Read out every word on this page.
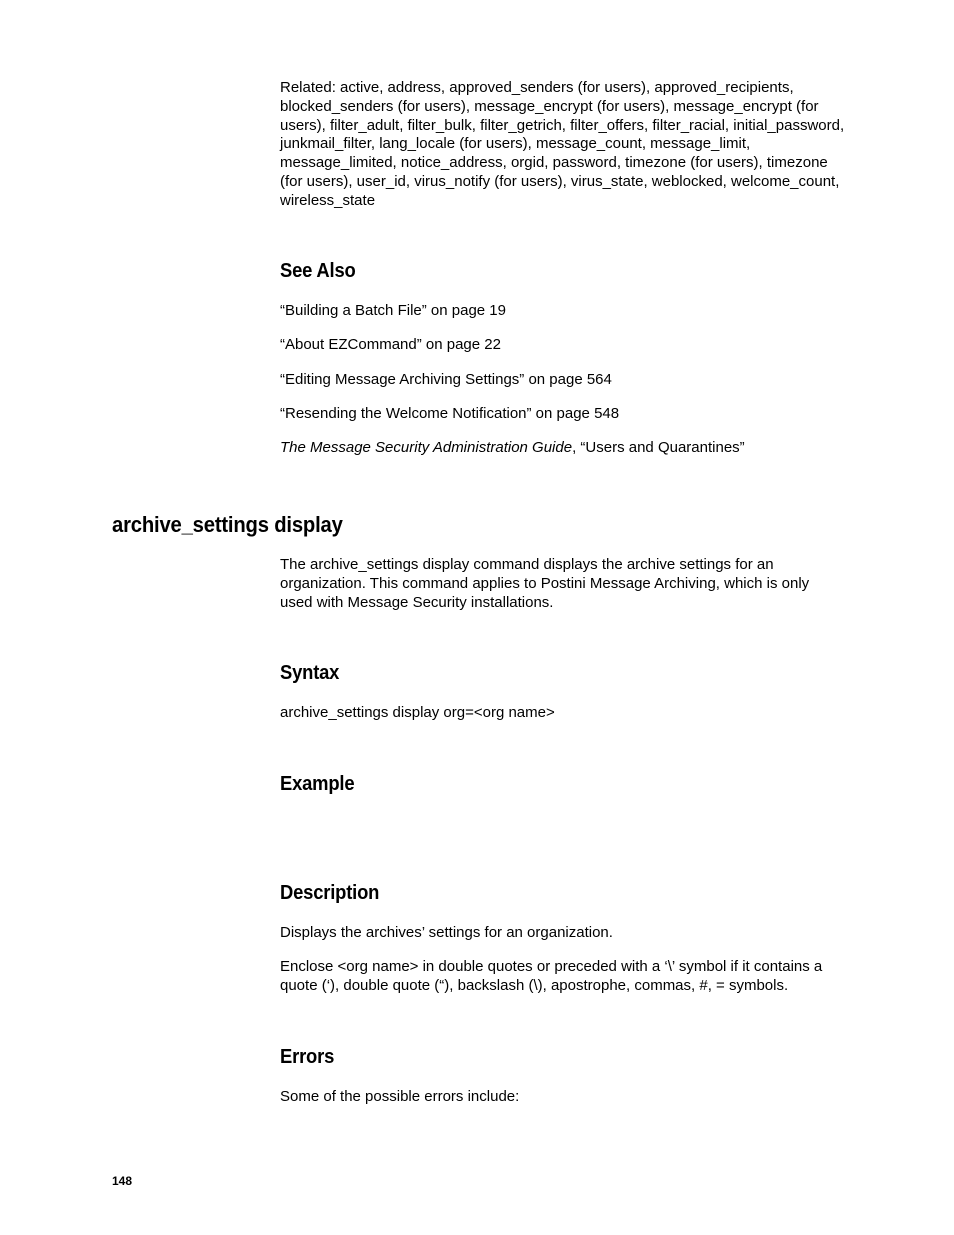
Related: active, address, approved_senders (for users), approved_recipients, blocked_senders (for users), message_encrypt (for users), message_encrypt (for users), filter_adult, filter_bulk, filter_getrich, filter_offers, filter_racial, initial_password, junkmail_filter, lang_locale (for users), message_count, message_limit, message_limited, notice_address, orgid, password, timezone (for users), timezone (for users), user_id, virus_notify (for users), virus_state, weblocked, welcome_count, wireless_state

See Also

“Building a Batch File” on page 19

“About EZCommand” on page 22

“Editing Message Archiving Settings” on page 564

“Resending the Welcome Notification” on page 548

The Message Security Administration Guide, “Users and Quarantines”

archive_settings display

The archive_settings display command displays the archive settings for an organization. This command applies to Postini Message Archiving, which is only used with Message Security installations.

Syntax

archive_settings display org=<org name>

Example
Description

Displays the archives’ settings for an organization.

Enclose <org name> in double quotes or preceded with a ‘\’ symbol if it contains a quote (‘), double quote (“), backslash (\), apostrophe, commas, #, = symbols.

Errors

Some of the possible errors include:

148
